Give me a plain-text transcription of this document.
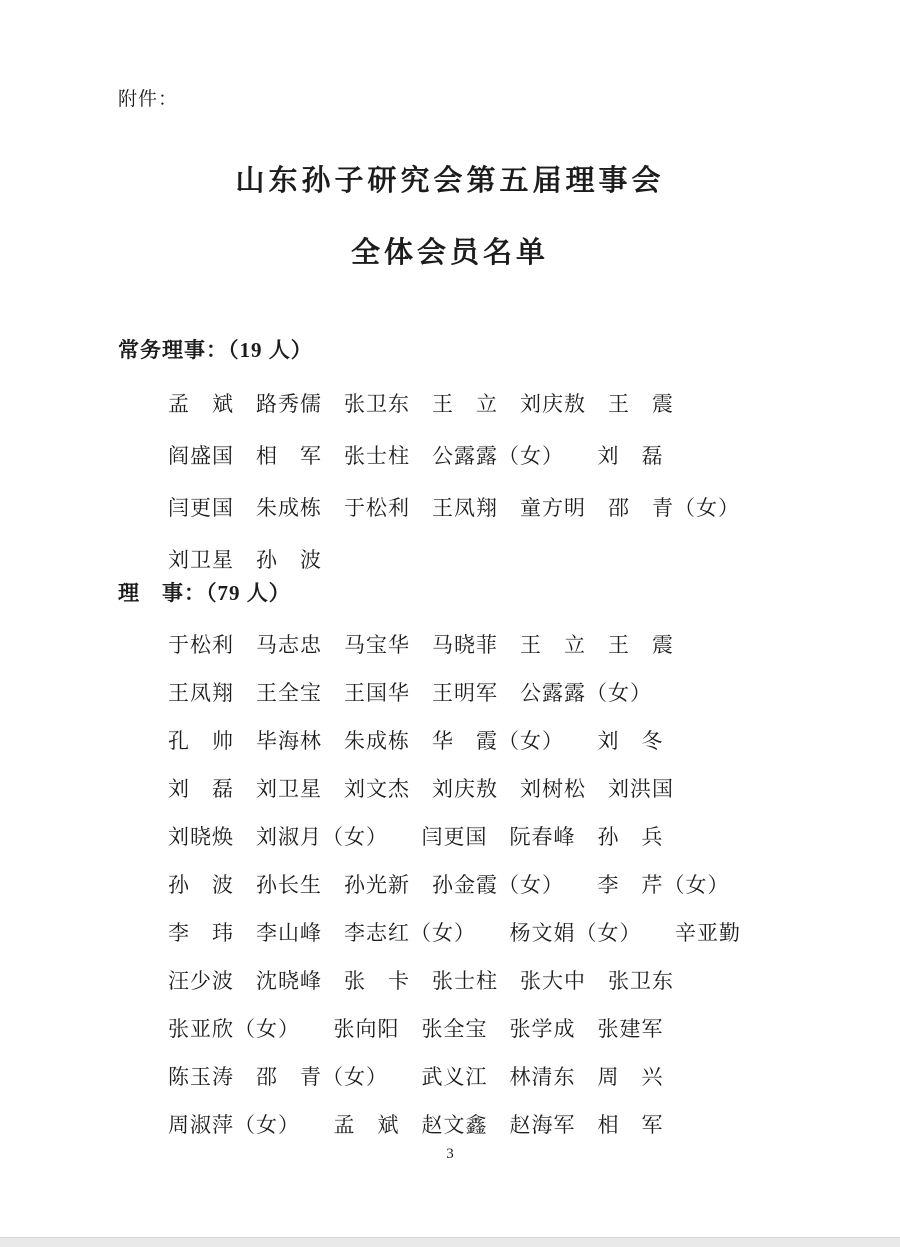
附件：
山东孙子研究会第五届理事会
全体会员名单
常务理事：（19 人）
孟　斌　路秀儒　张卫东　王　立　刘庆敖　王　震
阎盛国　相　军　张士柱　公露露（女）　　刘　磊
闫更国　朱成栋　于松利　王凤翔　童方明　邵　青（女）
刘卫星　孙　波
理　事：（79 人）
于松利　马志忠　马宝华　马晓菲　王　立　王　震
王凤翔　王全宝　王国华　王明军　公露露（女）
孔　帅　毕海林　朱成栋　华　霞（女）　　刘　冬
刘　磊　刘卫星　刘文杰　刘庆敖　刘树松　刘洪国
刘晓焕　刘淑月（女）　　闫更国　阮春峰　孙　兵
孙　波　孙长生　孙光新　孙金霞（女）　　李　芹（女）
李　玮　李山峰　李志红（女）　　杨文娟（女）　　辛亚勤
汪少波　沈晓峰　张　卡　张士柱　张大中　张卫东
张亚欣（女）　　张向阳　张全宝　张学成　张建军
陈玉涛　邵　青（女）　　武义江　林清东　周　兴
周淑萍（女）　　孟　斌　赵文鑫　赵海军　相　军
3
